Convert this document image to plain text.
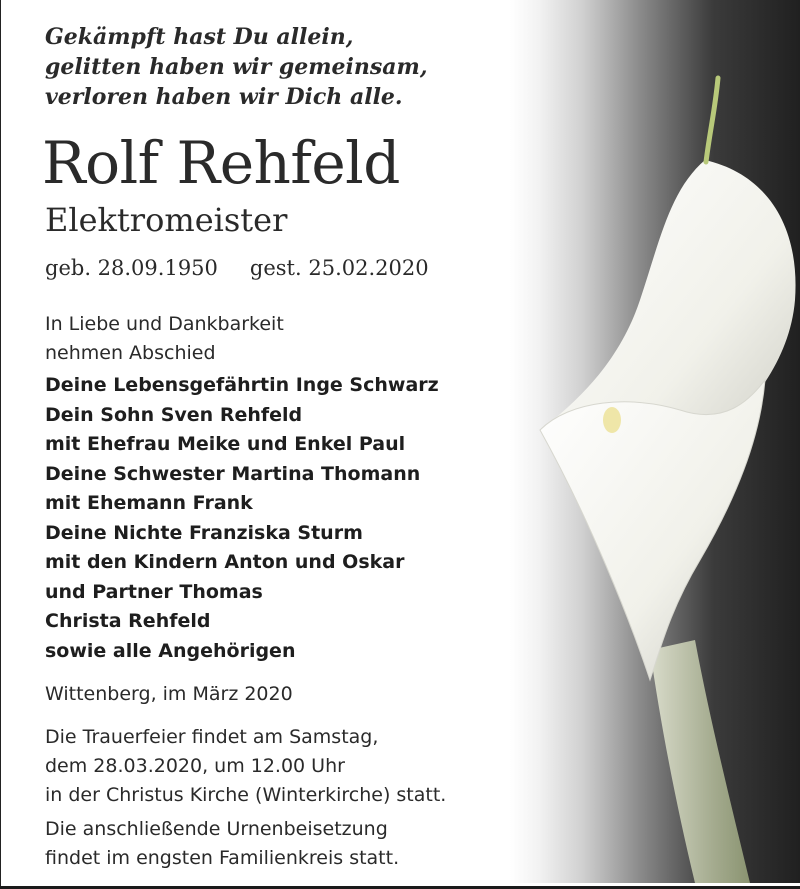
Gekämpft hast Du allein,
gelitten haben wir gemeinsam,
verloren haben wir Dich alle.
Rolf Rehfeld
Elektromeister
geb. 28.09.1950 gest. 25.02.2020
In Liebe und Dankbarkeit
nehmen Abschied
Deine Lebensgefährtin Inge Schwarz
Dein Sohn Sven Rehfeld
mit Ehefrau Meike und Enkel Paul
Deine Schwester Martina Thomann
mit Ehemann Frank
Deine Nichte Franziska Sturm
mit den Kindern Anton und Oskar
und Partner Thomas
Christa Rehfeld
sowie alle Angehörigen
Wittenberg, im März 2020
Die Trauerfeier findet am Samstag,
dem 28.03.2020, um 12.00 Uhr
in der Christus Kirche (Winterkirche) statt.
Die anschließende Urnenbeisetzung
findet im engsten Familienkreis statt.
